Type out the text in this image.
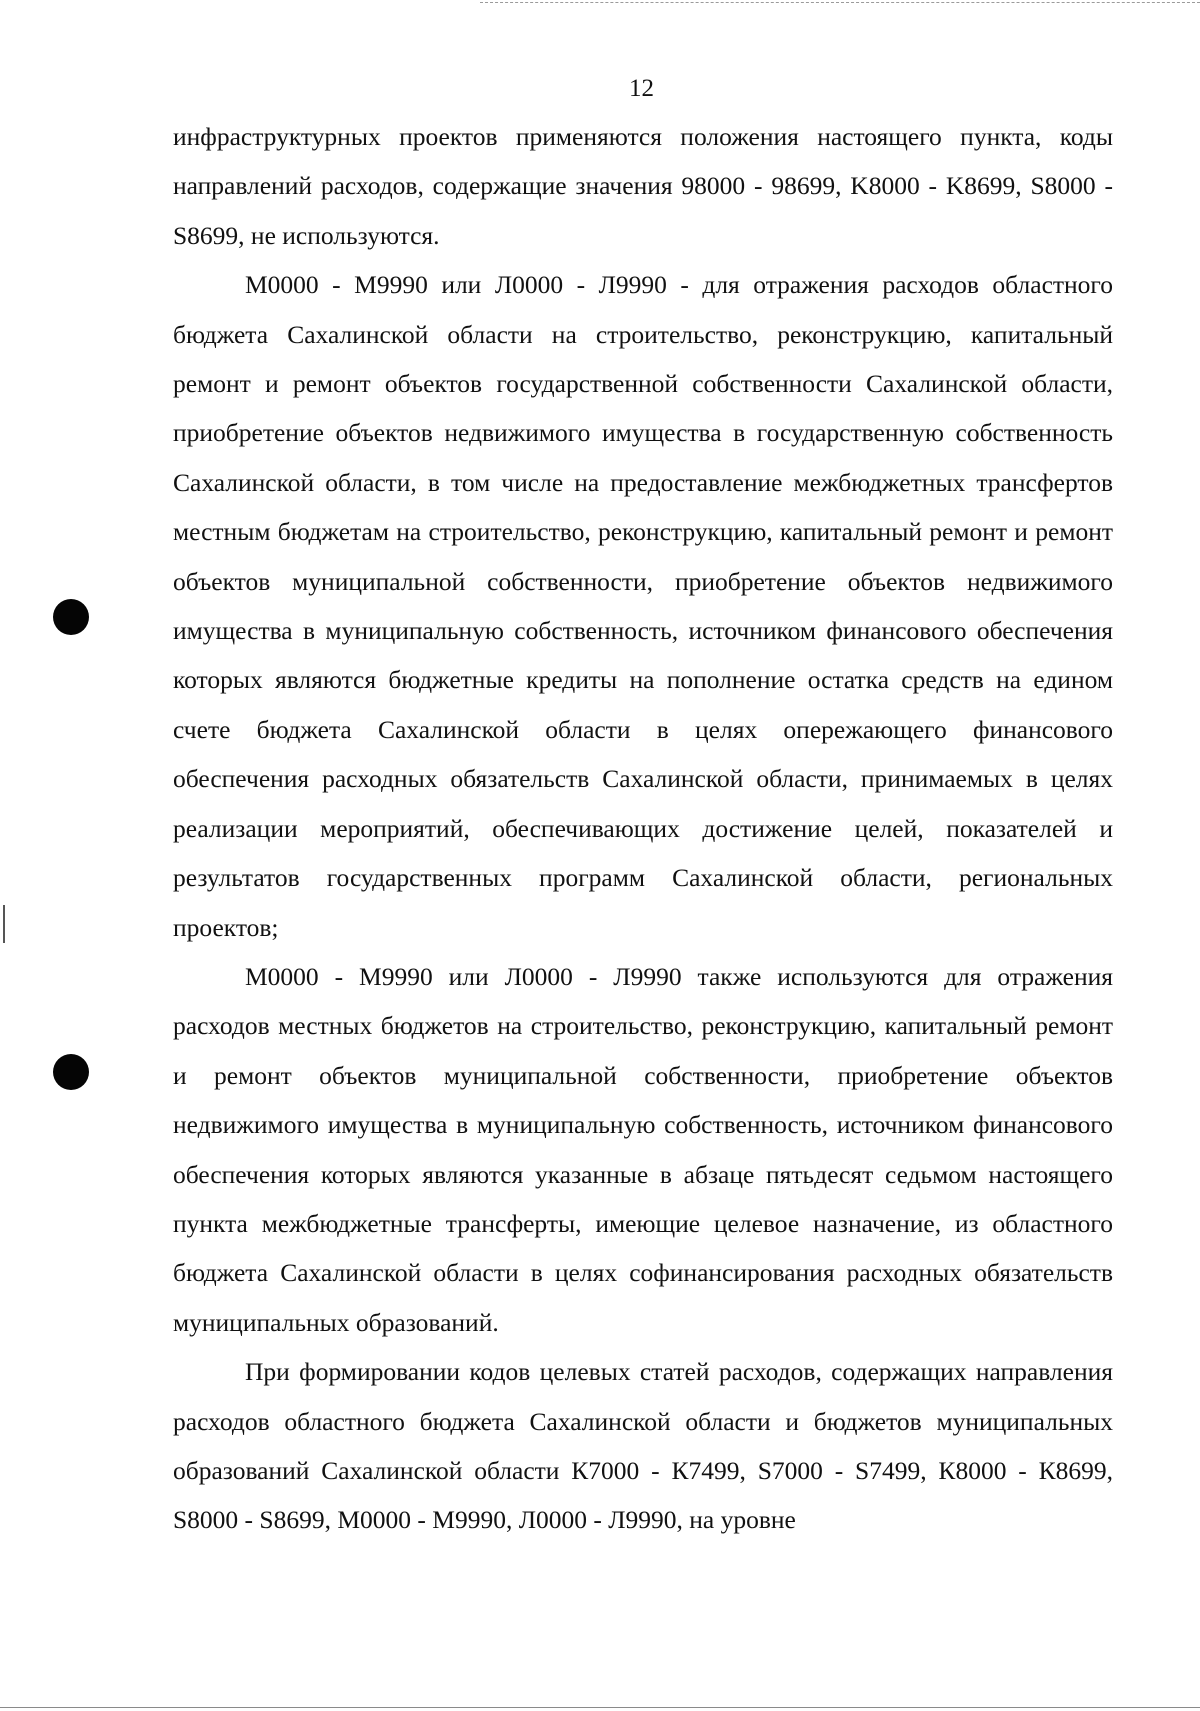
12

инфраструктурных проектов применяются положения настоящего пункта, коды направлений расходов, содержащие значения 98000 - 98699, K8000 - K8699, S8000 - S8699, не используются.

М0000 - М9990 или Л0000 - Л9990 - для отражения расходов областного бюджета Сахалинской области на строительство, реконструкцию, капитальный ремонт и ремонт объектов государственной собственности Сахалинской области, приобретение объектов недвижимого имущества в государственную собственность Сахалинской области, в том числе на предоставление межбюджетных трансфертов местным бюджетам на строительство, реконструкцию, капитальный ремонт и ремонт объектов муниципальной собственности, приобретение объектов недвижимого имущества в муниципальную собственность, источником финансового обеспечения которых являются бюджетные кредиты на пополнение остатка средств на едином счете бюджета Сахалинской области в целях опережающего финансового обеспечения расходных обязательств Сахалинской области, принимаемых в целях реализации мероприятий, обеспечивающих достижение целей, показателей и результатов государственных программ Сахалинской области, региональных проектов;

М0000 - М9990 или Л0000 - Л9990 также используются для отражения расходов местных бюджетов на строительство, реконструкцию, капитальный ремонт и ремонт объектов муниципальной собственности, приобретение объектов недвижимого имущества в муниципальную собственность, источником финансового обеспечения которых являются указанные в абзаце пятьдесят седьмом настоящего пункта межбюджетные трансферты, имеющие целевое назначение, из областного бюджета Сахалинской области в целях софинансирования расходных обязательств муниципальных образований.

При формировании кодов целевых статей расходов, содержащих направления расходов областного бюджета Сахалинской области и бюджетов муниципальных образований Сахалинской области К7000 - К7499, S7000 - S7499, К8000 - К8699, S8000 - S8699, М0000 - М9990, Л0000 - Л9990, на уровне
